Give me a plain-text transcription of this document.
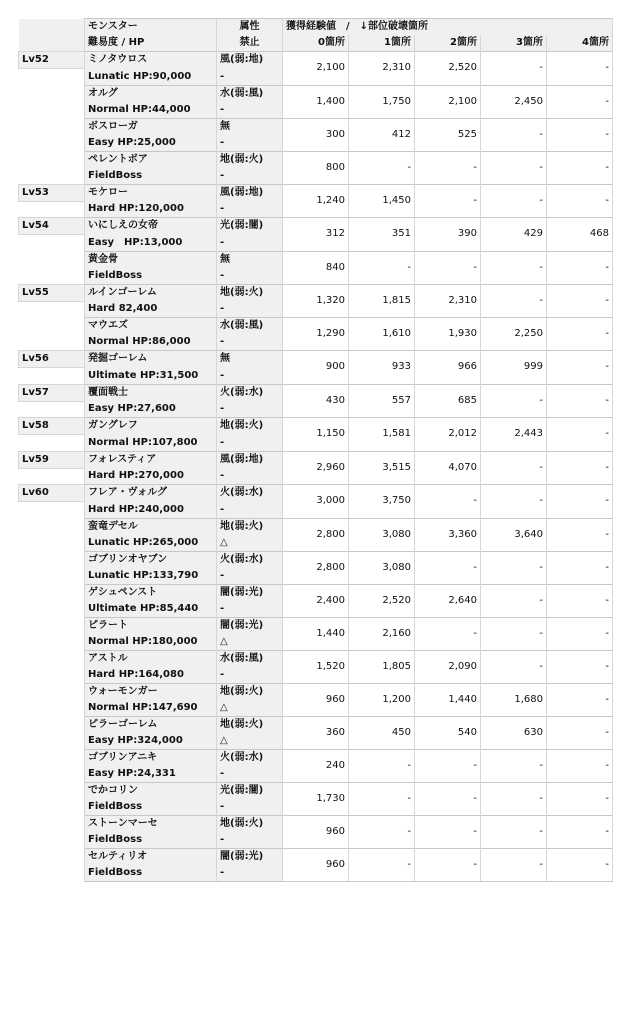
	モンスター	属性	獲得経験値　/　↓部位破壊箇所				
	難易度 / HP	禁止	0箇所	1箇所	2箇所	3箇所	4箇所
Lv52	ミノタウロス	風(弱:地)	2,100	2,310	2,520	-	-
	Lunatic HP:90,000	-					
	オルグ	水(弱:風)	1,400	1,750	2,100	2,450	-
	Normal HP:44,000	-					
	ボスローガ	無	300	412	525	-	-
	Easy HP:25,000	-					
	ペレントボア	地(弱:火)	800	-	-	-	-
	FieldBoss	-					
Lv53	モケロー	風(弱:地)	1,240	1,450	-	-	-
	Hard HP:120,000	-					
Lv54	いにしえの女帝	光(弱:闇)	312	351	390	429	468
	Easy　HP:13,000	-					
	黄金骨	無	840	-	-	-	-
	FieldBoss	-					
Lv55	ルインゴーレム	地(弱:火)	1,320	1,815	2,310	-	-
	Hard 82,400	-					
	マウエズ	水(弱:風)	1,290	1,610	1,930	2,250	-
	Normal HP:86,000	-					
Lv56	発掘ゴーレム	無	900	933	966	999	-
	Ultimate HP:31,500	-					
Lv57	覆面戦士	火(弱:水)	430	557	685	-	-
	Easy HP:27,600	-					
Lv58	ガングレフ	地(弱:火)	1,150	1,581	2,012	2,443	-
	Normal HP:107,800	-					
Lv59	フォレスティア	風(弱:地)	2,960	3,515	4,070	-	-
	Hard HP:270,000	-					
Lv60	フレア・ヴォルグ	火(弱:水)	3,000	3,750	-	-	-
	Hard HP:240,000	-					
	蛮竜デセル	地(弱:火)	2,800	3,080	3,360	3,640	-
	Lunatic HP:265,000	△					
	ゴブリンオヤブン	火(弱:水)	2,800	3,080	-	-	-
	Lunatic HP:133,790	-					
	ゲシュペンスト	闇(弱:光)	2,400	2,520	2,640	-	-
	Ultimate HP:85,440	-					
	ピラート	闇(弱:光)	1,440	2,160	-	-	-
	Normal HP:180,000	△					
	アストル	水(弱:風)	1,520	1,805	2,090	-	-
	Hard HP:164,080	-					
	ウォーモンガー	地(弱:火)	960	1,200	1,440	1,680	-
	Normal HP:147,690	△					
	ピラーゴーレム	地(弱:火)	360	450	540	630	-
	Easy HP:324,000	△					
	ゴブリンアニキ	火(弱:水)	240	-	-	-	-
	Easy HP:24,331	-					
	でかコリン	光(弱:闇)	1,730	-	-	-	-
	FieldBoss	-					
	ストーンマーセ	地(弱:火)	960	-	-	-	-
	FieldBoss	-					
	セルティリオ	闇(弱:光)	960	-	-	-	-
	FieldBoss	-					
